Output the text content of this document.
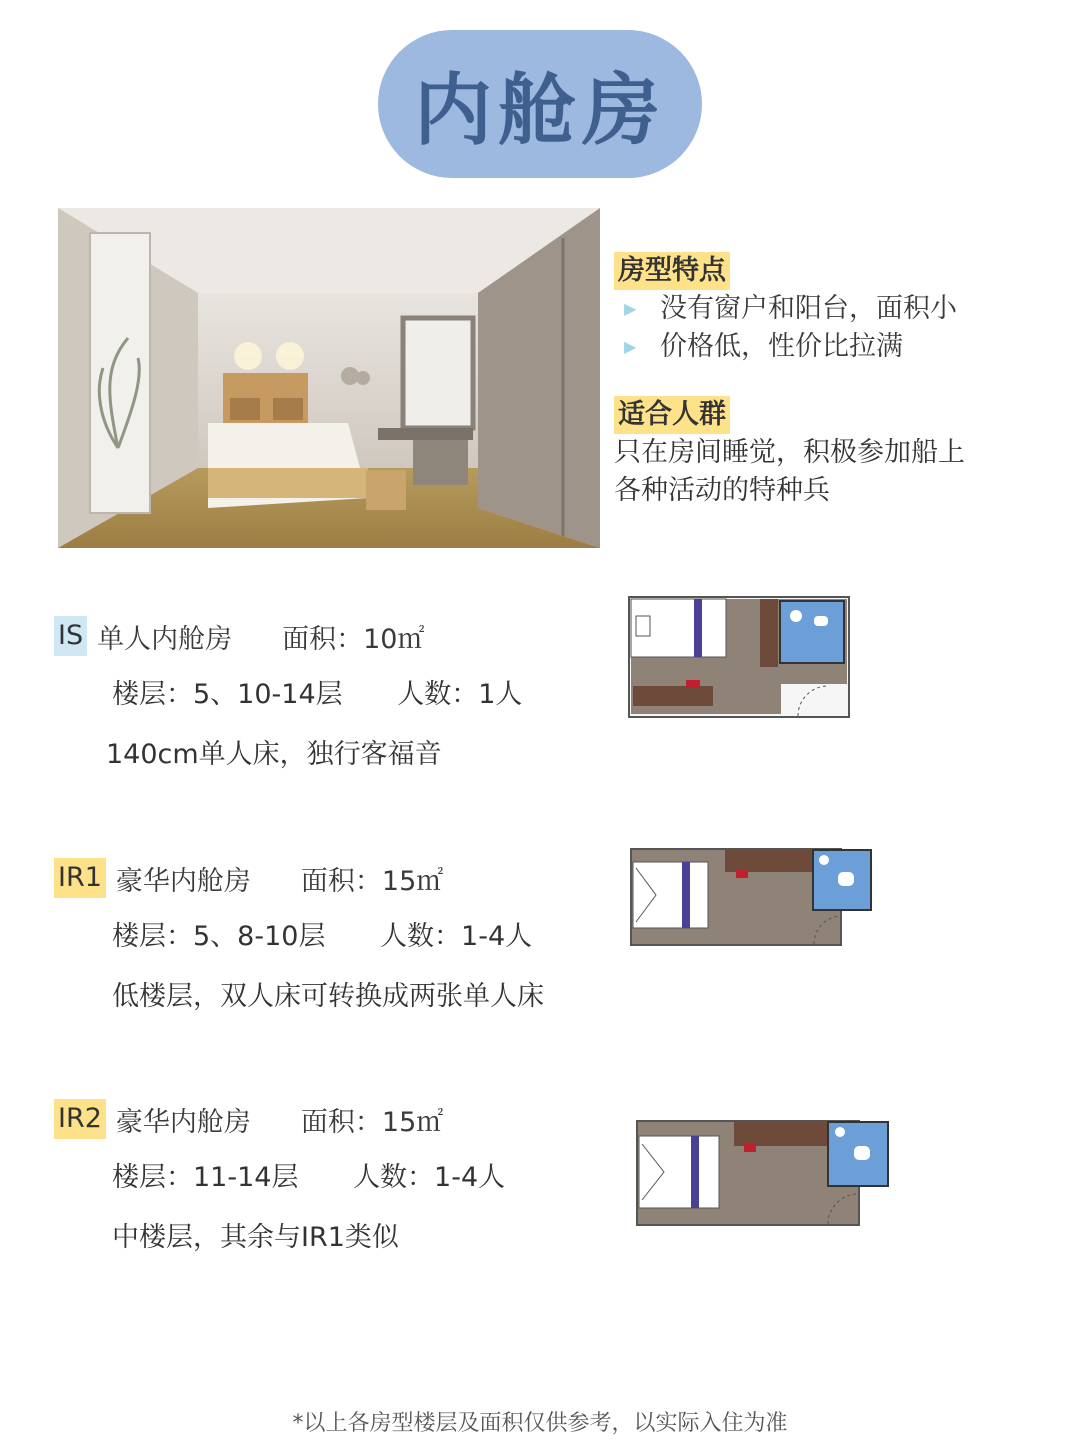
内舱房
房型特点
▶ 没有窗户和阳台，面积小
▶ 价格低，性价比拉满
适合人群
只在房间睡觉，积极参加船上
各种活动的特种兵
IS 单人内舱房 面积：10㎡
楼层：5、10-14层 人数：1人
140cm单人床，独行客福音
IR1 豪华内舱房 面积：15㎡
楼层：5、8-10层 人数：1-4人
低楼层，双人床可转换成两张单人床
IR2 豪华内舱房 面积：15㎡
楼层：11-14层 人数：1-4人
中楼层，其余与IR1类似
*以上各房型楼层及面积仅供参考，以实际入住为准
